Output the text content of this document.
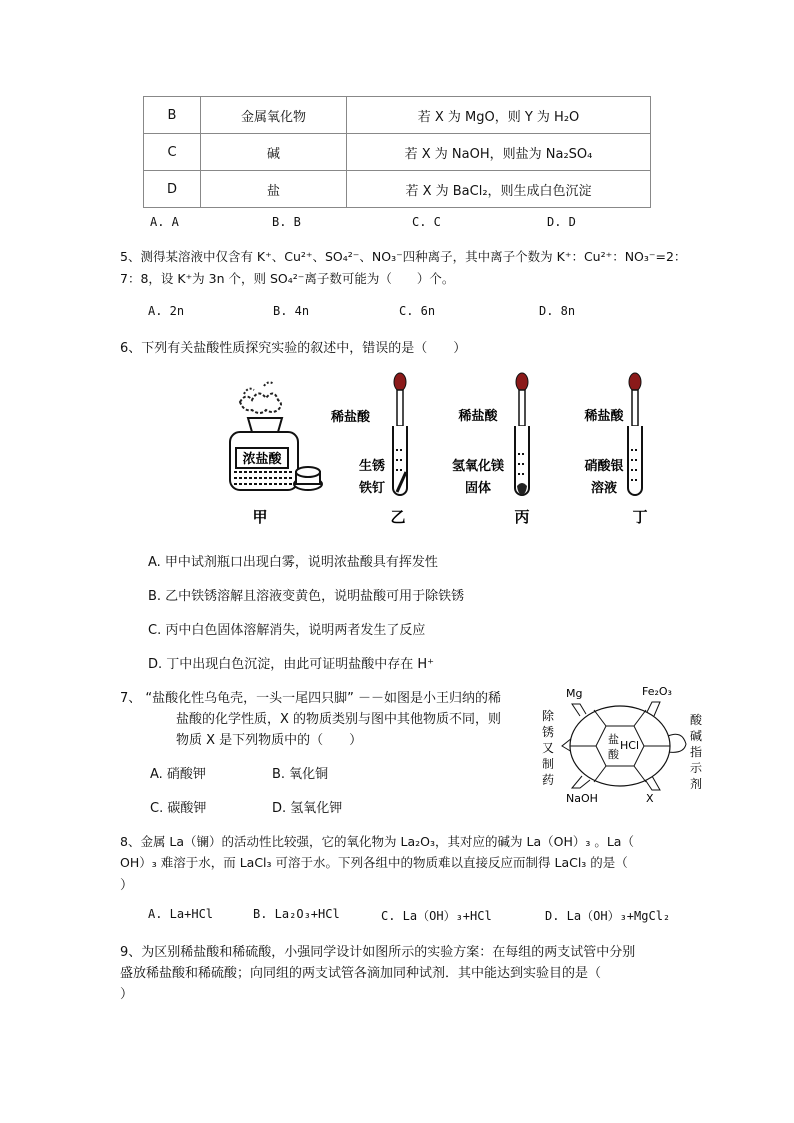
B	金属氧化物	若 X 为 MgO，则 Y 为 H₂O
C	碱	若 X 为 NaOH，则盐为 Na₂SO₄
D	盐	若 X 为 BaCl₂，则生成白色沉淀
A. A	B. B	C. C	D. D
5、测得某溶液中仅含有 K⁺、Cu²⁺、SO₄²⁻、NO₃⁻四种离子，其中离子个数为 K⁺：Cu²⁺：NO₃⁻=2：
7：8，设 K⁺为 3n 个，则 SO₄²⁻离子数可能为（　　）个。
A. 2n	B. 4n	C. 6n	D. 8n
6、下列有关盐酸性质探究实验的叙述中，错误的是（　　）
浓盐酸
甲
稀盐酸
生锈
铁钉
乙
稀盐酸
氢氧化镁
固体
丙
稀盐酸
硝酸银
溶液
丁
A. 甲中试剂瓶口出现白雾，说明浓盐酸具有挥发性
B. 乙中铁锈溶解且溶液变黄色，说明盐酸可用于除铁锈
C. 丙中白色固体溶解消失，说明两者发生了反应
D. 丁中出现白色沉淀，由此可证明盐酸中存在 H⁺
7、 “盐酸化性乌龟壳，一头一尾四只脚” －－如图是小王归纳的稀
盐酸的化学性质，X 的物质类别与图中其他物质不同，则
物质 X 是下列物质中的（　　）
A. 硝酸钾	B. 氧化铜
C. 碳酸钾	D. 氢氧化钾
Mg	Fe₂O₃
NaOH	X
盐
酸
HCl
除
锈
又
制
药
酸
碱
指
示
剂
8、金属 La（镧）的活动性比较强，它的氧化物为 La₂O₃，其对应的碱为 La（OH）₃ 。La（
OH）₃ 难溶于水，而 LaCl₃ 可溶于水。下列各组中的物质难以直接反应而制得 LaCl₃ 的是（
）
A. La+HCl	B. La₂O₃+HCl	C. La（OH）₃+HCl	D. La（OH）₃+MgCl₂
9、为区别稀盐酸和稀硫酸，小强同学设计如图所示的实验方案：在每组的两支试管中分别
盛放稀盐酸和稀硫酸；向同组的两支试管各滴加同种试剂．其中能达到实验目的是（
）
